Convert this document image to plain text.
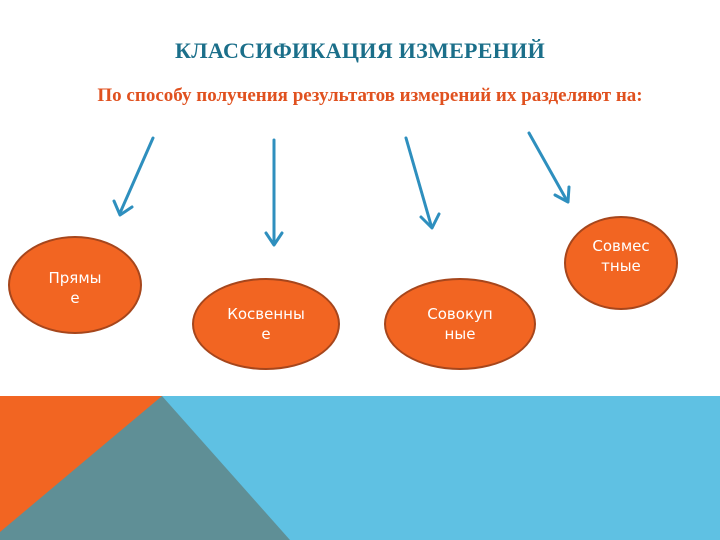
КЛАССИФИКАЦИЯ ИЗМЕРЕНИЙ
По способу получения результатов измерений их разделяют на:
Прямы
е
Косвенны
е
Совокуп
ные
Совмес
тные
